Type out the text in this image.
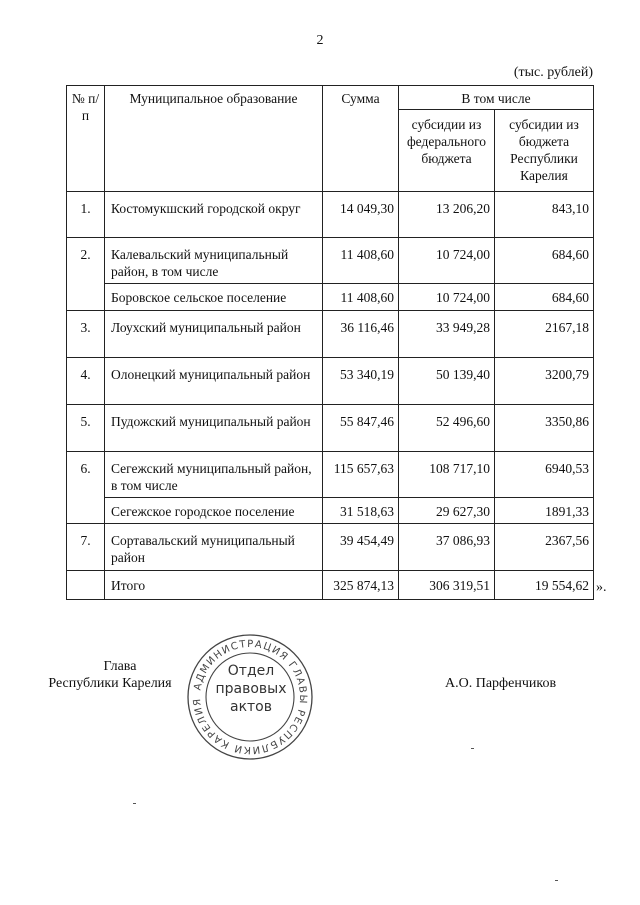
2
(тыс. рублей)
№ п/п	Муниципальное образование	Сумма	В том числе	
			субсидии из федерального бюджета	субсидии из бюджета Республики Карелия
1.	Костомукшский городской округ	14 049,30	13 206,20	843,10
2.	Калевальский муниципальный район, в том числе	11 408,60	10 724,00	684,60
	Боровское сельское поселение	11 408,60	10 724,00	684,60
3.	Лоухский муниципальный район	36 116,46	33 949,28	2167,18
4.	Олонецкий муниципальный район	53 340,19	50 139,40	3200,79
5.	Пудожский муниципальный район	55 847,46	52 496,60	3350,86
6.	Сегежский муниципальный район, в том числе	115 657,63	108 717,10	6940,53
	Сегежское городское поселение	31 518,63	29 627,30	1891,33
7.	Сортавальский муниципальный район	39 454,49	37 086,93	2367,56
	Итого	325 874,13	306 319,51	19 554,62 ».
Глава

Республики Карелия	АДМИНИСТРАЦИЯ ГЛАВЫ РЕСПУБЛИКИ КАРЕЛИЯ
Отдел
правовых
актов
А.О. Парфенчиков
